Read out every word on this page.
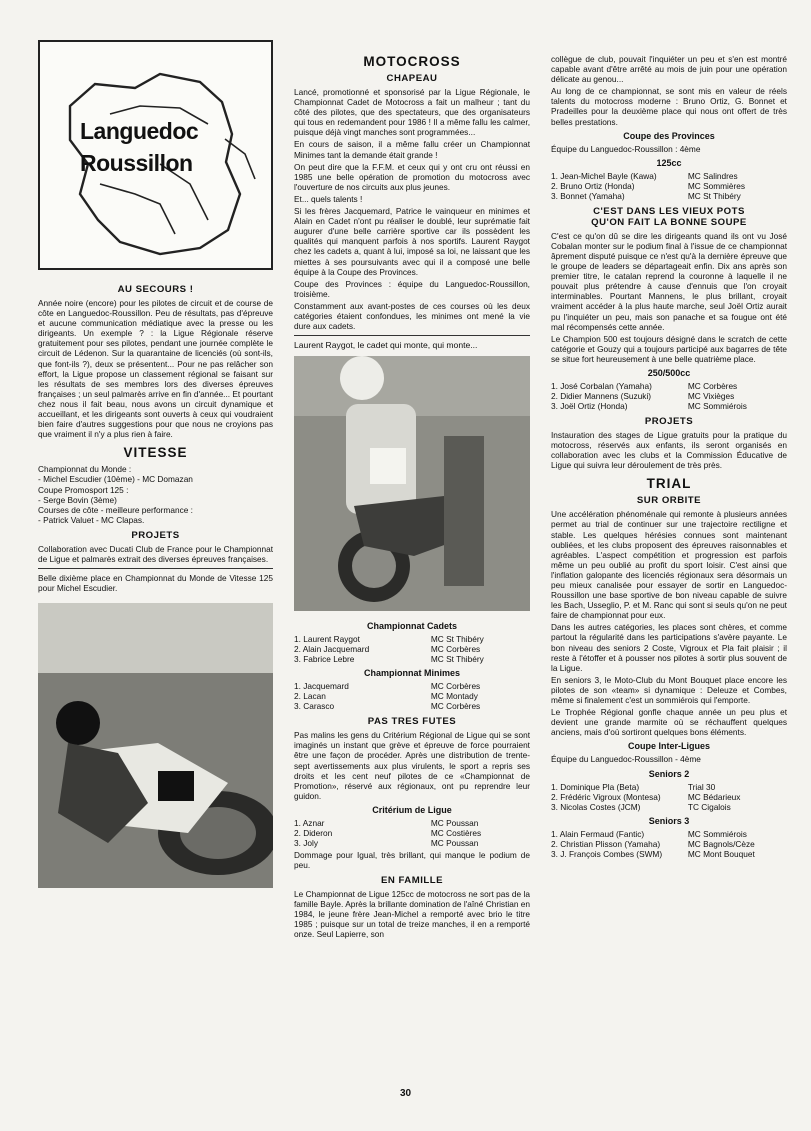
Languedoc
Roussillon
AU SECOURS !

Année noire (encore) pour les pilotes de circuit et de course de côte en Languedoc-Roussillon. Peu de résultats, pas d'épreuve et aucune communication médiatique avec la presse ou les dirigeants. Un exemple ? : la Ligue Régionale réserve gratuitement pour ses pilotes, pendant une journée complète le circuit de Lédenon. Sur la quarantaine de licenciés (où sont-ils, que font-ils ?), deux se présentent... Pour ne pas relâcher son effort, la Ligue propose un classement régional se faisant sur les résultats de ses membres lors des diverses épreuves françaises ; un seul palmarès arrive en fin d'année... Et pourtant chez nous il fait beau, nous avons un circuit dynamique et accueillant, et les dirigeants sont ouverts à ceux qui voudraient bien faire d'autres suggestions pour que nous ne croyions pas que vraiment il n'y a plus rien à faire.

VITESSE

Championnat du Monde :

- Michel Escudier (10ème) - MC Domazan

Coupe Promosport 125 :

- Serge Bovin (3ème)

Courses de côte - meilleure performance :

- Patrick Valuet - MC Clapas.

PROJETS

Collaboration avec Ducati Club de France pour le Championnat de Ligue et palmarès extrait des diverses épreuves françaises.

Belle dixième place en Championnat du Monde de Vitesse 125 pour Michel Escudier.

MOTOCROSS
CHAPEAU

Lancé, promotionné et sponsorisé par la Ligue Régionale, le Championnat Cadet de Motocross a fait un malheur ; tant du côté des pilotes, que des spectateurs, que des organisateurs qui tous en redemandent pour 1986 ! Il a même fallu les calmer, puisque déjà vingt manches sont programmées...

En cours de saison, il a même fallu créer un Championnat Minimes tant la demande était grande !

On peut dire que la F.F.M. et ceux qui y ont cru ont réussi en 1985 une belle opération de promotion du motocross avec l'ouverture de nos circuits aux plus jeunes.

Et... quels talents !

Si les frères Jacquemard, Patrice le vainqueur en minimes et Alain en Cadet n'ont pu réaliser le doublé, leur suprématie fait augurer d'une belle carrière sportive car ils possèdent les qualités qui manquent parfois à nos sportifs. Laurent Raygot chez les cadets a, quant à lui, imposé sa loi, ne laissant que les miettes à ses poursuivants avec qui il a composé une belle équipe à la Coupe des Provinces.

Coupe des Provinces : équipe du Languedoc-Roussillon, troisième.

Constamment aux avant-postes de ces courses où les deux catégories étaient confondues, les minimes ont mené la vie dure aux cadets.

Laurent Raygot, le cadet qui monte, qui monte...
Championnat Cadets
1. Laurent Raygot	MC St Thibéry
2. Alain Jacquemard	MC Corbères
3. Fabrice Lebre	MC St Thibéry
Championnat Minimes
1. Jacquemard	MC Corbères
2. Lacan	MC Montady
3. Carasco	MC Corbères
PAS TRES FUTES

Pas malins les gens du Critérium Régional de Ligue qui se sont imaginés un instant que grève et épreuve de force pourraient être une façon de procéder. Après une distribution de trente-sept avertissements aux plus virulents, le sport a repris ses droits et les cent neuf pilotes de ce «Championnat de Promotion», réservé aux régionaux, ont pu reprendre leur guidon.

Critérium de Ligue
1. Aznar	MC Poussan
2. Dideron	MC Costières
3. Joly	MC Poussan

Dommage pour Igual, très brillant, qui manque le podium de peu.

EN FAMILLE

Le Championnat de Ligue 125cc de motocross ne sort pas de la famille Bayle. Après la brillante domination de l'aîné Christian en 1984, le jeune frère Jean-Michel a remporté avec brio le titre 1985 ; puisque sur un total de treize manches, il en a remporté onze. Seul Lapierre, son

collègue de club, pouvait l'inquiéter un peu et s'en est montré capable avant d'être arrêté au mois de juin pour une opération délicate au genou...

Au long de ce championnat, se sont mis en valeur de réels talents du motocross moderne : Bruno Ortiz, G. Bonnet et Pradeilles pour la deuxième place qui nous ont offert de très belles prestations.

Coupe des Provinces

Équipe du Languedoc-Roussillon : 4ème

125cc
1. Jean-Michel Bayle (Kawa)	MC Salindres
2. Bruno Ortiz (Honda)	MC Sommières
3. Bonnet (Yamaha)	MC St Thibéry
C'EST DANS LES VIEUX POTS
QU'ON FAIT LA BONNE SOUPE

C'est ce qu'on dû se dire les dirigeants quand ils ont vu José Cobalan monter sur le podium final à l'issue de ce championnat âprement disputé puisque ce n'est qu'à la dernière épreuve que le groupe de leaders se départageait enfin. Dix ans après son premier titre, le catalan reprend la couronne à laquelle il ne pouvait plus prétendre à cause d'ennuis que l'on croyait interminables. Pourtant Mannens, le plus brillant, croyait vraiment accéder à la plus haute marche, seul Joël Ortiz aurait pu l'inquiéter un peu, mais son panache et sa fougue ont été mal récompensés cette année.

Le Champion 500 est toujours désigné dans le scratch de cette catégorie et Gouzy qui a toujours participé aux bagarres de tête se situe fort heureusement à une belle quatrième place.

250/500cc
1. José Corbalan (Yamaha)	MC Corbères
2. Didier Mannens (Suzuki)	MC Vixièges
3. Joël Ortiz (Honda)	MC Sommiérois
PROJETS

Instauration des stages de Ligue gratuits pour la pratique du motocross, réservés aux enfants, ils seront organisés en collaboration avec les clubs et la Commission Éducative de Ligue qui suivra leur déroulement de très près.

TRIAL
SUR ORBITE

Une accélération phénoménale qui remonte à plusieurs années permet au trial de continuer sur une trajectoire rectiligne et stable. Les quelques hérésies connues sont maintenant oubliées, et les clubs proposent des épreuves raisonnables et agréables. L'aspect compétition et progression est parfois même un peu oublié au profit du sport loisir. C'est ainsi que l'inflation galopante des licenciés régionaux sera désormais un peu mieux canalisée pour essayer de sortir en Languedoc-Roussillon une base sportive de bon niveau capable de suivre les Bach, Usseglio, P. et M. Ranc qui sont si seuls qu'on ne peut faire de championnat pour eux.

Dans les autres catégories, les places sont chères, et comme partout la régularité dans les participations s'avère payante. Le bon niveau des seniors 2 Coste, Vigroux et Pla fait plaisir ; il reste à l'étoffer et à pousser nos pilotes à sortir plus souvent de la Ligue.

En seniors 3, le Moto-Club du Mont Bouquet place encore les pilotes de son «team» si dynamique : Deleuze et Combes, même si finalement c'est un sommiérois qui l'emporte.

Le Trophée Régional gonfle chaque année un peu plus et devient une grande marmite où se réchauffent quelques anciens, mais d'où sortiront quelques bons éléments.

Coupe Inter-Ligues

Équipe du Languedoc-Roussillon - 4ème

Seniors 2
1. Dominique Pla (Beta)	Trial 30
2. Frédéric Vigroux (Montesa)	MC Bédarieux
3. Nicolas Costes (JCM)	TC Cigalois
Seniors 3
1. Alain Fermaud (Fantic)	MC Sommiérois
2. Christian Plisson (Yamaha)	MC Bagnols/Cèze
3. J. François Combes (SWM)	MC Mont Bouquet
30
